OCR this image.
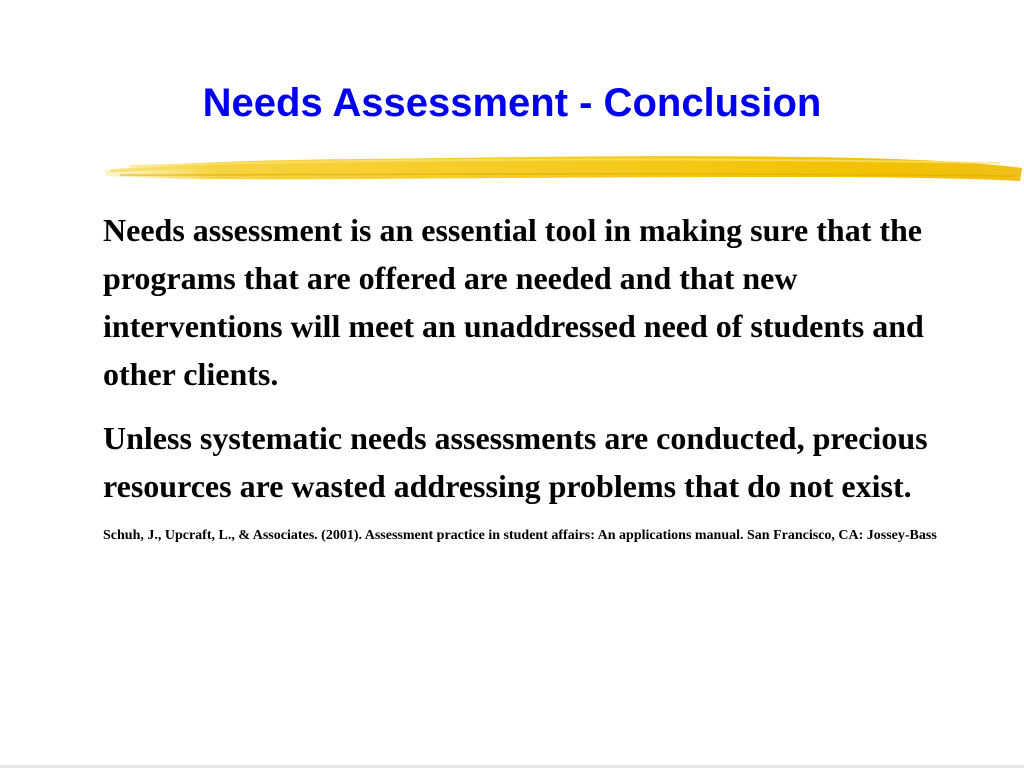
Needs Assessment - Conclusion

Needs assessment is an essential tool in making sure that the programs that are offered are needed and that new interventions will meet an unaddressed need of students and other clients.

Unless systematic needs assessments are conducted, precious resources are wasted addressing problems that do not exist.

Schuh, J., Upcraft, L., & Associates. (2001). Assessment practice in student affairs: An applications manual. San Francisco, CA: Jossey-Bass
